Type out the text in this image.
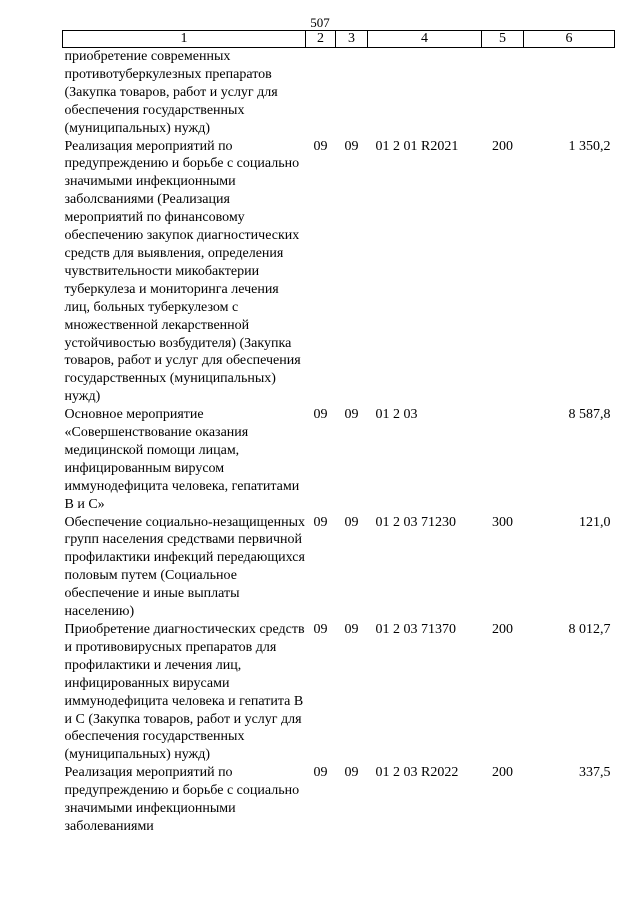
507
1	2	3	4	5	6
приобретение современных противотуберкулезных препаратов (Закупка товаров, работ и услуг для обеспечения государственных (муниципальных) нужд)					
Реализация мероприятий по предупреждению и борьбе с социально значимыми инфекционными заболсваниями (Реализация мероприятий по финансовому обеспечению закупок диагностических средств для выявления, определения чувствительности микобактерии туберкулеза и мониторинга лечения лиц, больных туберкулезом с множественной лекарственной устойчивостью возбудителя) (Закупка товаров, работ и услуг для обеспечения государственных (муниципальных) нужд)	09	09	01 2 01 R2021	200	1 350,2
Основное мероприятие «Совершенствование оказания медицинской помощи лицам, инфицированным вирусом иммунодефицита человека, гепатитами В и С»	09	09	01 2 03		8 587,8
Обеспечение социально-незащищенных групп населения средствами первичной профилактики инфекций передающихся половым путем (Социальное обеспечение и иные выплаты населению)	09	09	01 2 03 71230	300	121,0
Приобретение диагностических средств и противовирусных препаратов для профилактики и лечения лиц, инфицированных вирусами иммунодефицита человека и гепатита В и С (Закупка товаров, работ и услуг для обеспечения государственных (муниципальных) нужд)	09	09	01 2 03 71370	200	8 012,7
Реализация мероприятий по предупреждению и борьбе с социально значимыми инфекционными заболеваниями	09	09	01 2 03 R2022	200	337,5
